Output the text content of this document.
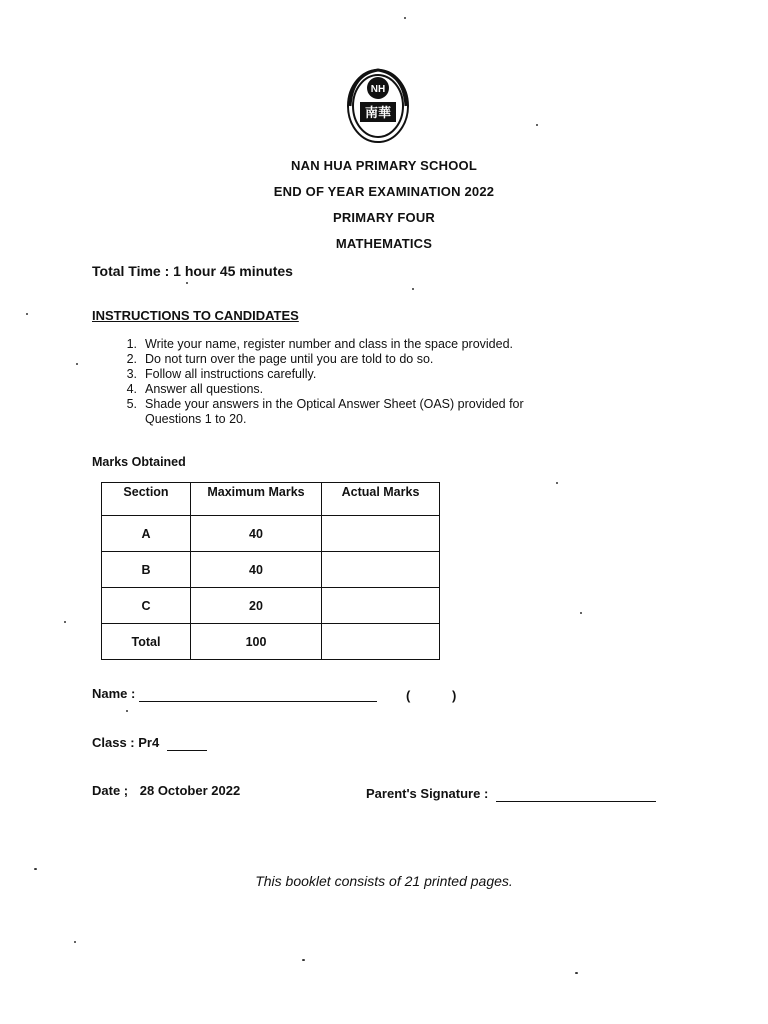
NH
南華
NAN HUA PRIMARY SCHOOL
END OF YEAR EXAMINATION 2022
PRIMARY FOUR
MATHEMATICS
Total Time : 1 hour 45 minutes
INSTRUCTIONS TO CANDIDATES
1. Write your name, register number and class in the space provided.
2. Do not turn over the page until you are told to do so.
3. Follow all instructions carefully.
4. Answer all questions.
5. Shade your answers in the Optical Answer Sheet (OAS) provided for Questions 1 to 20.
Marks Obtained
Section	Maximum Marks	Actual Marks
A	40	
B	40	
C	20	
Total	100	
Name :	(	)
Class : Pr4
Date ; 28 October 2022	Parent's Signature :
This booklet consists of 21 printed pages.
